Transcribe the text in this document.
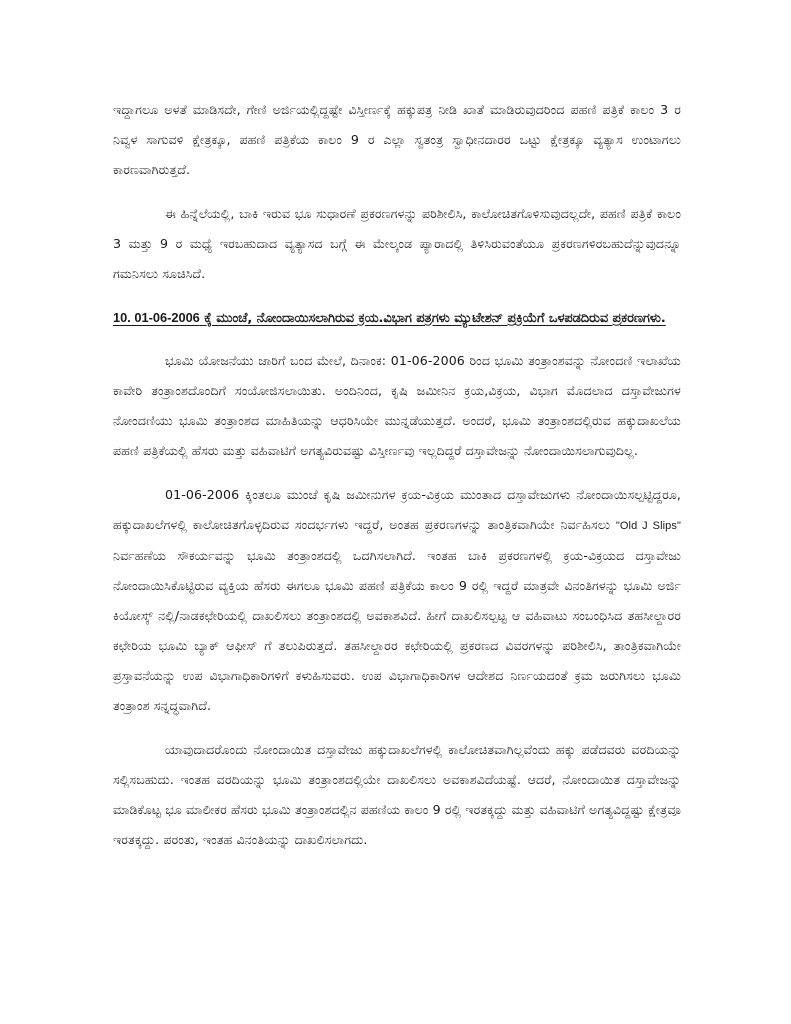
ಇದ್ದಾಗಲೂ ಅಳತೆ ಮಾಡಿಸದೇ, ಗೇಣಿ ಅರ್ಜಿಯಲ್ಲಿದ್ದಷ್ಟೇ ವಿಸ್ತೀರ್ಣಕ್ಕೆ ಹಕ್ಕುಪತ್ರ ನೀಡಿ ಖಾತೆ ಮಾಡಿರುವುದರಿಂದ ಪಹಣಿ ಪತ್ರಿಕೆ ಕಾಲಂ 3 ರ ನಿವ್ವಳ ಸಾಗುವಳಿ ಕ್ಷೇತ್ರಕ್ಕೂ, ಪಹಣಿ ಪತ್ರಿಕೆಯ ಕಾಲಂ 9 ರ ಎಲ್ಲಾ ಸ್ವತಂತ್ರ ಸ್ವಾಧೀನದಾರರ ಒಟ್ಟು ಕ್ಷೇತ್ರಕ್ಕೂ ವ್ಯತ್ಯಾಸ ಉಂಟಾಗಲು ಕಾರಣವಾಗಿರುತ್ತದೆ.

ಈ ಹಿನ್ನೆಲೆಯಲ್ಲಿ, ಬಾಕಿ ಇರುವ ಭೂ ಸುಧಾರಣೆ ಪ್ರಕರಣಗಳನ್ನು ಪರಿಶೀಲಿಸಿ, ಕಾಲೋಚಿತಗೊಳಿಸುವುದಲ್ಲದೇ, ಪಹಣಿ ಪತ್ರಿಕೆ ಕಾಲಂ 3 ಮತ್ತು 9 ರ ಮಧ್ಯೆ ಇರಬಹುದಾದ ವ್ಯತ್ಯಾಸದ ಬಗ್ಗೆ ಈ ಮೇಲ್ಕಂಡ ಪ್ಯಾರಾದಲ್ಲಿ ತಿಳಿಸಿರುವಂತೆಯೂ ಪ್ರಕರಣಗಳಿರಬಹುದೆನ್ನುವುದನ್ನೂ ಗಮನಿಸಲು ಸೂಚಿಸಿದೆ.

10. 01-06-2006 ಕ್ಕೆ ಮುಂಚೆ, ನೋಂದಾಯಿಸಲಾಗಿರುವ ಕ್ರಯ.ವಿಭಾಗ ಪತ್ರಗಳು ಮ್ಯುಟೇಶನ್ ಪ್ರಕ್ರಿಯೆಗೆ ಒಳಪಡದಿರುವ ಪ್ರಕರಣಗಳು.

ಭೂಮಿ ಯೋಜನೆಯು ಜಾರಿಗೆ ಬಂದ ಮೇಲೆ, ದಿನಾಂಕ: 01-06-2006 ರಿಂದ ಭೂಮಿ ತಂತ್ರಾಂಶವನ್ನು ನೋಂದಣಿ ಇಲಾಖೆಯ ಕಾವೇರಿ ತಂತ್ರಾಂಶದೊಂದಿಗೆ ಸಂಯೋಜಿಸಲಾಯಿತು. ಅಂದಿನಿಂದ, ಕೃಷಿ ಜಮೀನಿನ ಕ್ರಯ,ವಿಕ್ರಯ, ವಿಭಾಗ ಮೊದಲಾದ ದಸ್ತಾವೇಜುಗಳ ನೋಂದಣಿಯು ಭೂಮಿ ತಂತ್ರಾಂಶದ ಮಾಹಿತಿಯನ್ನು ಆಧರಿಸಿಯೇ ಮುನ್ನಡೆಯುತ್ತದೆ. ಅಂದರೆ, ಭೂಮಿ ತಂತ್ರಾಂಶದಲ್ಲಿರುವ ಹಕ್ಕುದಾಖಲೆಯ ಪಹಣಿ ಪತ್ರಿಕೆಯಲ್ಲಿ ಹೆಸರು ಮತ್ತು ವಹಿವಾಟಿಗೆ ಅಗತ್ಯವಿರುವಷ್ಟು ವಿಸ್ತೀರ್ಣವು ಇಲ್ಲದಿದ್ದರೆ ದಸ್ತಾವೇಜನ್ನು ನೋಂದಾಯಿಸಲಾಗುವುದಿಲ್ಲ.

01-06-2006 ಕ್ಕಿಂತಲೂ ಮುಂಚೆ ಕೃಷಿ ಜಮೀನುಗಳ ಕ್ರಯ-ವಿಕ್ರಯ ಮುಂತಾದ ದಸ್ತಾವೇಜುಗಳು ನೋಂದಾಯಿಸಲ್ಪಟ್ಟಿದ್ದರೂ, ಹಕ್ಕುದಾಖಲೆಗಳಲ್ಲಿ ಕಾಲೋಚಿತಗೊಳ್ಳದಿರುವ ಸಂದರ್ಭಗಳು ಇದ್ದರೆ, ಅಂತಹ ಪ್ರಕರಣಗಳನ್ನು ತಾಂತ್ರಿಕವಾಗಿಯೇ ನಿರ್ವಹಿಸಲು "Old J Slips" ನಿರ್ವಹಣೆಯ ಸೌಕರ್ಯವನ್ನು ಭೂಮಿ ತಂತ್ರಾಂಶದಲ್ಲಿ ಒದಗಿಸಲಾಗಿದೆ. ಇಂತಹ ಬಾಕಿ ಪ್ರಕರಣಗಳಲ್ಲಿ ಕ್ರಯ-ವಿಕ್ರಯದ ದಸ್ತಾವೇಜು ನೋಂದಾಯಿಸಿಕೊಟ್ಟಿರುವ ವ್ಯಕ್ತಿಯ ಹೆಸರು ಈಗಲೂ ಭೂಮಿ ಪಹಣಿ ಪತ್ರಿಕೆಯ ಕಾಲಂ 9 ರಲ್ಲಿ ಇದ್ದರೆ ಮಾತ್ರವೇ ವಿನಂತಿಗಳನ್ನು ಭೂಮಿ ಅರ್ಜಿ ಕಿಯೋಸ್ಕ್ ನಲ್ಲಿ/ನಾಡಕಛೇರಿಯಲ್ಲಿ ದಾಖಲಿಸಲು ತಂತ್ರಾಂಶದಲ್ಲಿ ಅವಕಾಶವಿದೆ. ಹೀಗೆ ದಾಖಲಿಸಲ್ಪಟ್ಟ ಆ ವಹಿವಾಟು ಸಂಬಂಧಿಸಿದ ತಹಸೀಲ್ದಾರರ ಕಛೇರಿಯ ಭೂಮಿ ಬ್ಯಾಕ್ ಆಫೀಸ್ ಗೆ ತಲುಪಿರುತ್ತದೆ. ತಹಸೀಲ್ದಾರರ ಕಛೇರಿಯಲ್ಲಿ ಪ್ರಕರಣದ ವಿವರಗಳನ್ನು ಪರಿಶೀಲಿಸಿ, ತಾಂತ್ರಿಕವಾಗಿಯೇ ಪ್ರಸ್ತಾವನೆಯನ್ನು ಉಪ ವಿಭಾಗಾಧಿಕಾರಿಗಳಿಗೆ ಕಳುಹಿಸುವರು. ಉಪ ವಿಭಾಗಾಧಿಕಾರಿಗಳ ಆದೇಶದ ನಿರ್ಣಯದಂತೆ ಕ್ರಮ ಜರುಗಿಸಲು ಭೂಮಿ ತಂತ್ರಾಂಶ ಸನ್ನದ್ಧವಾಗಿದೆ.

ಯಾವುದಾದರೊಂದು ನೋಂದಾಯಿತ ದಸ್ತಾವೇಜು ಹಕ್ಕುದಾಖಲೆಗಳಲ್ಲಿ ಕಾಲೋಚಿತವಾಗಿಲ್ಲವೆಂದು ಹಕ್ಕು ಪಡೆದವರು ವರದಿಯನ್ನು ಸಲ್ಲಿಸಬಹುದು. ಇಂತಹ ವರದಿಯನ್ನು ಭೂಮಿ ತಂತ್ರಾಂಶದಲ್ಲಿಯೇ ದಾಖಲಿಸಲು ಅವಕಾಶವಿದೆಯಷ್ಟೆ. ಆದರೆ, ನೋಂದಾಯಿತ ದಸ್ತಾವೇಜನ್ನು ಮಾಡಿಕೊಟ್ಟ ಭೂ ಮಾಲೀಕರ ಹೆಸರು ಭೂಮಿ ತಂತ್ರಾಂಶದಲ್ಲಿನ ಪಹಣಿಯ ಕಾಲಂ 9 ರಲ್ಲಿ ಇರತಕ್ಕದ್ದು ಮತ್ತು ವಹಿವಾಟಿಗೆ ಅಗತ್ಯವಿದ್ದಷ್ಟು ಕ್ಷೇತ್ರವೂ ಇರತಕ್ಕದ್ದು. ಪರಂತು, ಇಂತಹ ವಿನಂತಿಯನ್ನು ದಾಖಲಿಸಲಾಗದು.
